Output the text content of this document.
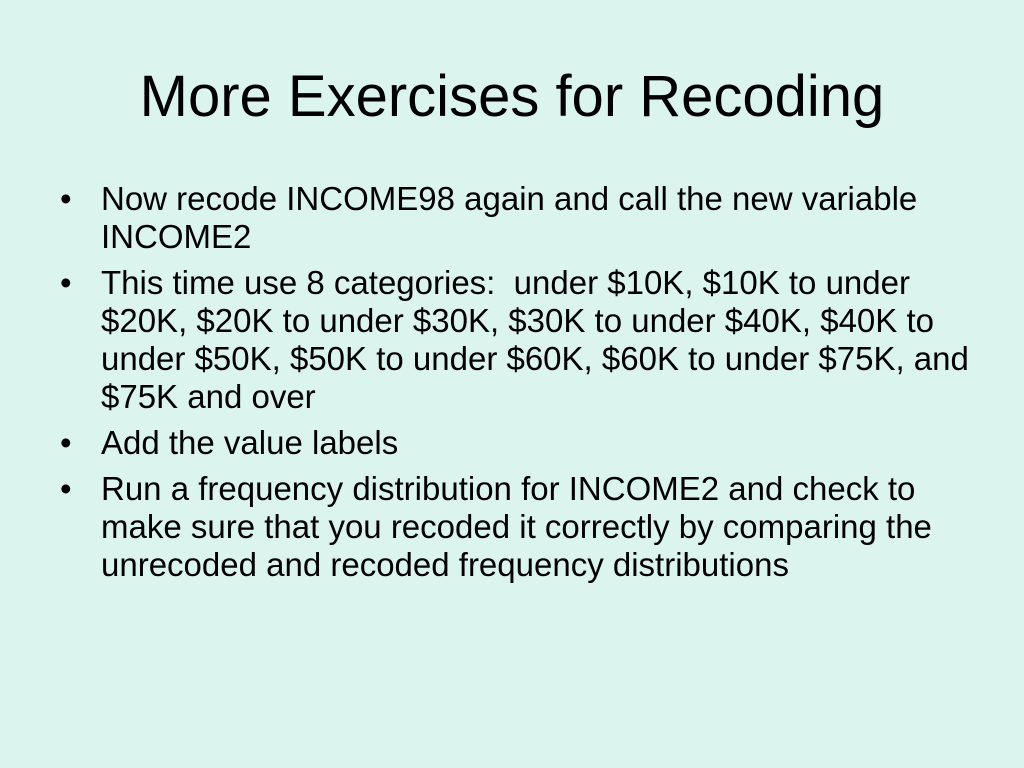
More Exercises for Recoding
• Now recode INCOME98 again and call the new variable INCOME2
• This time use 8 categories:  under $10K, $10K to under $20K, $20K to under $30K, $30K to under $40K, $40K to under $50K, $50K to under $60K, $60K to under $75K, and $75K and over
• Add the value labels
• Run a frequency distribution for INCOME2 and check to make sure that you recoded it correctly by comparing the unrecoded and recoded frequency distributions
